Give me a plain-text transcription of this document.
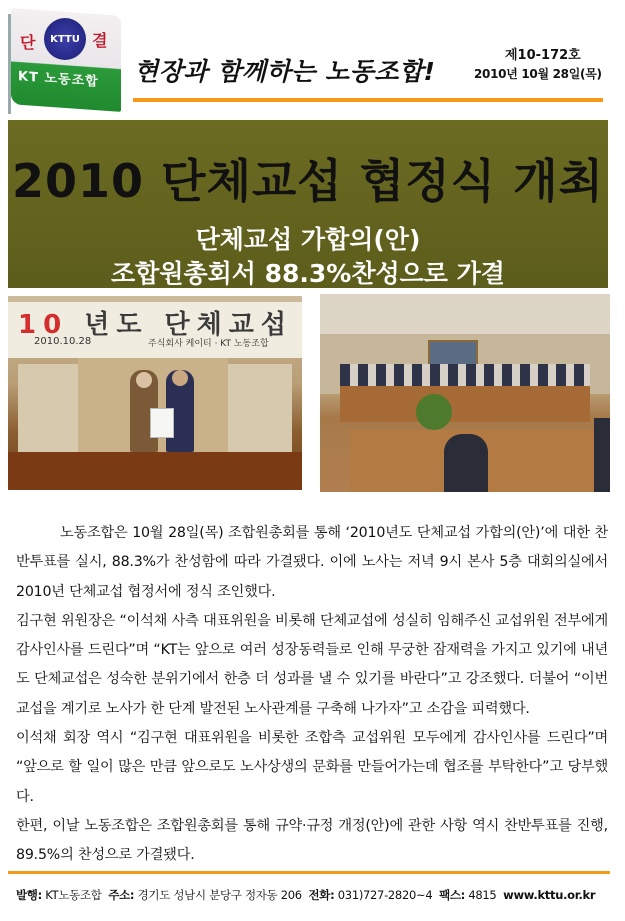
단	KTTU 결
KT 노동조합 현장과 함께하는 노동조합!
제10-172호
2010년 10월 28일(목)
2010 단체교섭 협정식 개최
단체교섭 가합의(안)
조합원총회서 88.3%찬성으로 가결
10 년도 단체교섭
2010.10.28	주식회사 케이티 · KT 노동조합

노동조합은 10월 28일(목) 조합원총회를 통해 ‘2010년도 단체교섭 가합의(안)’에 대한 찬반투표를 실시, 88.3%가 찬성함에 따라 가결됐다. 이에 노사는 저녁 9시 본사 5층 대회의실에서 2010년 단체교섭 협정서에 정식 조인했다.

김구현 위원장은 “이석채 사측 대표위원을 비롯해 단체교섭에 성실히 임해주신 교섭위원 전부에게 감사인사를 드린다”며 “KT는 앞으로 여러 성장동력들로 인해 무궁한 잠재력을 가지고 있기에 내년도 단체교섭은 성숙한 분위기에서 한층 더 성과를 낼 수 있기를 바란다”고 강조했다. 더불어 “이번 교섭을 계기로 노사가 한 단계 발전된 노사관계를 구축해 나가자”고 소감을 피력했다.

이석채 회장 역시 “김구현 대표위원을 비롯한 조합측 교섭위원 모두에게 감사인사를 드린다”며 “앞으로 할 일이 많은 만큼 앞으로도 노사상생의 문화를 만들어가는데 협조를 부탁한다”고 당부했다.

한편, 이날 노동조합은 조합원총회를 통해 규약·규정 개정(안)에 관한 사항 역시 찬반투표를 진행, 89.5%의 찬성으로 가결됐다.

발행: KT노동조합 주소: 경기도 성남시 분당구 정자동 206 전화: 031)727-2820~4 팩스: 4815 www.kttu.or.kr
